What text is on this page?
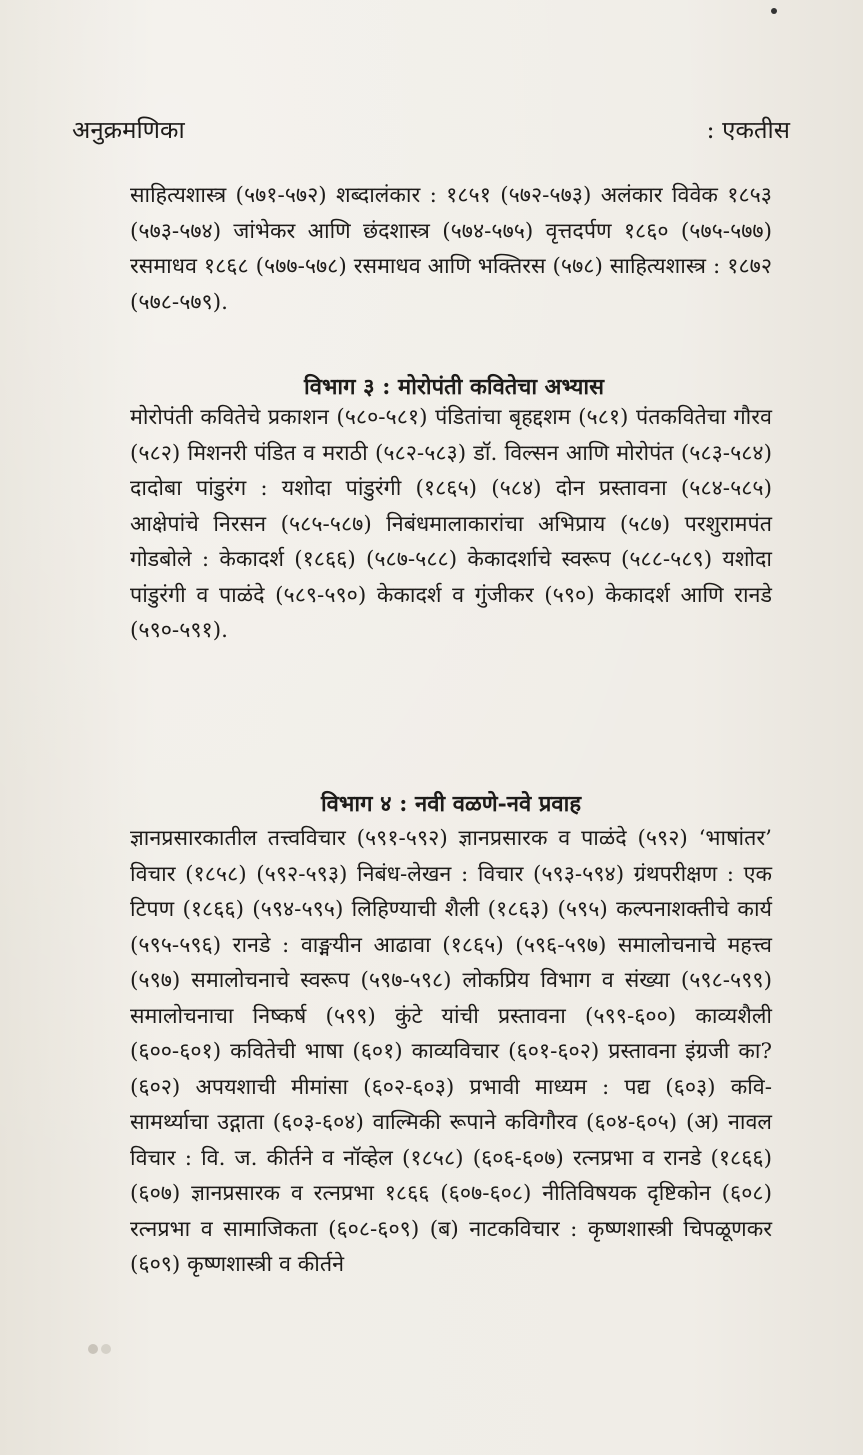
अनुक्रमणिका	: एकतीस

साहित्यशास्त्र (५७१-५७२) शब्दालंकार : १८५१ (५७२-५७३) अलंकार विवेक १८५३ (५७३-५७४) जांभेकर आणि छंदशास्त्र (५७४-५७५) वृत्तदर्पण १८६० (५७५-५७७) रसमाधव १८६८ (५७७-५७८) रसमाधव आणि भक्तिरस (५७८) साहित्यशास्त्र : १८७२ (५७८-५७९).

विभाग ३ : मोरोपंती कवितेचा अभ्यास

मोरोपंती कवितेचे प्रकाशन (५८०-५८१) पंडितांचा बृहद्दशम (५८१) पंतकवितेचा गौरव (५८२) मिशनरी पंडित व मराठी (५८२-५८३) डॉ. विल्सन आणि मोरोपंत (५८३-५८४) दादोबा पांडुरंग : यशोदा पांडुरंगी (१८६५) (५८४) दोन प्रस्तावना (५८४-५८५) आक्षेपांचे निरसन (५८५-५८७) निबंधमालाकारांचा अभिप्राय (५८७) परशुरामपंत गोडबोले : केकादर्श (१८६६) (५८७-५८८) केकादर्शाचे स्वरूप (५८८-५८९) यशोदा पांडुरंगी व पाळंदे (५८९-५९०) केकादर्श व गुंजीकर (५९०) केकादर्श आणि रानडे (५९०-५९१).

विभाग ४ : नवी वळणे-नवे प्रवाह

ज्ञानप्रसारकातील तत्त्वविचार (५९१-५९२) ज्ञानप्रसारक व पाळंदे (५९२) ‘भाषांतर’ विचार (१८५८) (५९२-५९३) निबंध-लेखन : विचार (५९३-५९४) ग्रंथपरीक्षण : एक टिपण (१८६६) (५९४-५९५) लिहिण्याची शैली (१८६३) (५९५) कल्पनाशक्तीचे कार्य (५९५-५९६) रानडे : वाङ्मयीन आढावा (१८६५) (५९६-५९७) समालोचनाचे महत्त्व (५९७) समालोचनाचे स्वरूप (५९७-५९८) लोकप्रिय विभाग व संख्या (५९८-५९९) समालोचनाचा निष्कर्ष (५९९) कुंटे यांची प्रस्तावना (५९९-६००) काव्यशैली (६००-६०१) कवितेची भाषा (६०१) काव्यविचार (६०१-६०२) प्रस्तावना इंग्रजी का? (६०२) अपयशाची मीमांसा (६०२-६०३) प्रभावी माध्यम : पद्य (६०३) कवि-सामर्थ्याचा उद्गाता (६०३-६०४) वाल्मिकी रूपाने कविगौरव (६०४-६०५) (अ) नावल विचार : वि. ज. कीर्तने व नॉव्हेल (१८५८) (६०६-६०७) रत्नप्रभा व रानडे (१८६६) (६०७) ज्ञानप्रसारक व रत्नप्रभा १८६६ (६०७-६०८) नीतिविषयक दृष्टिकोन (६०८) रत्नप्रभा व सामाजिकता (६०८-६०९) (ब) नाटकविचार : कृष्णशास्त्री चिपळूणकर (६०९) कृष्णशास्त्री व कीर्तने
